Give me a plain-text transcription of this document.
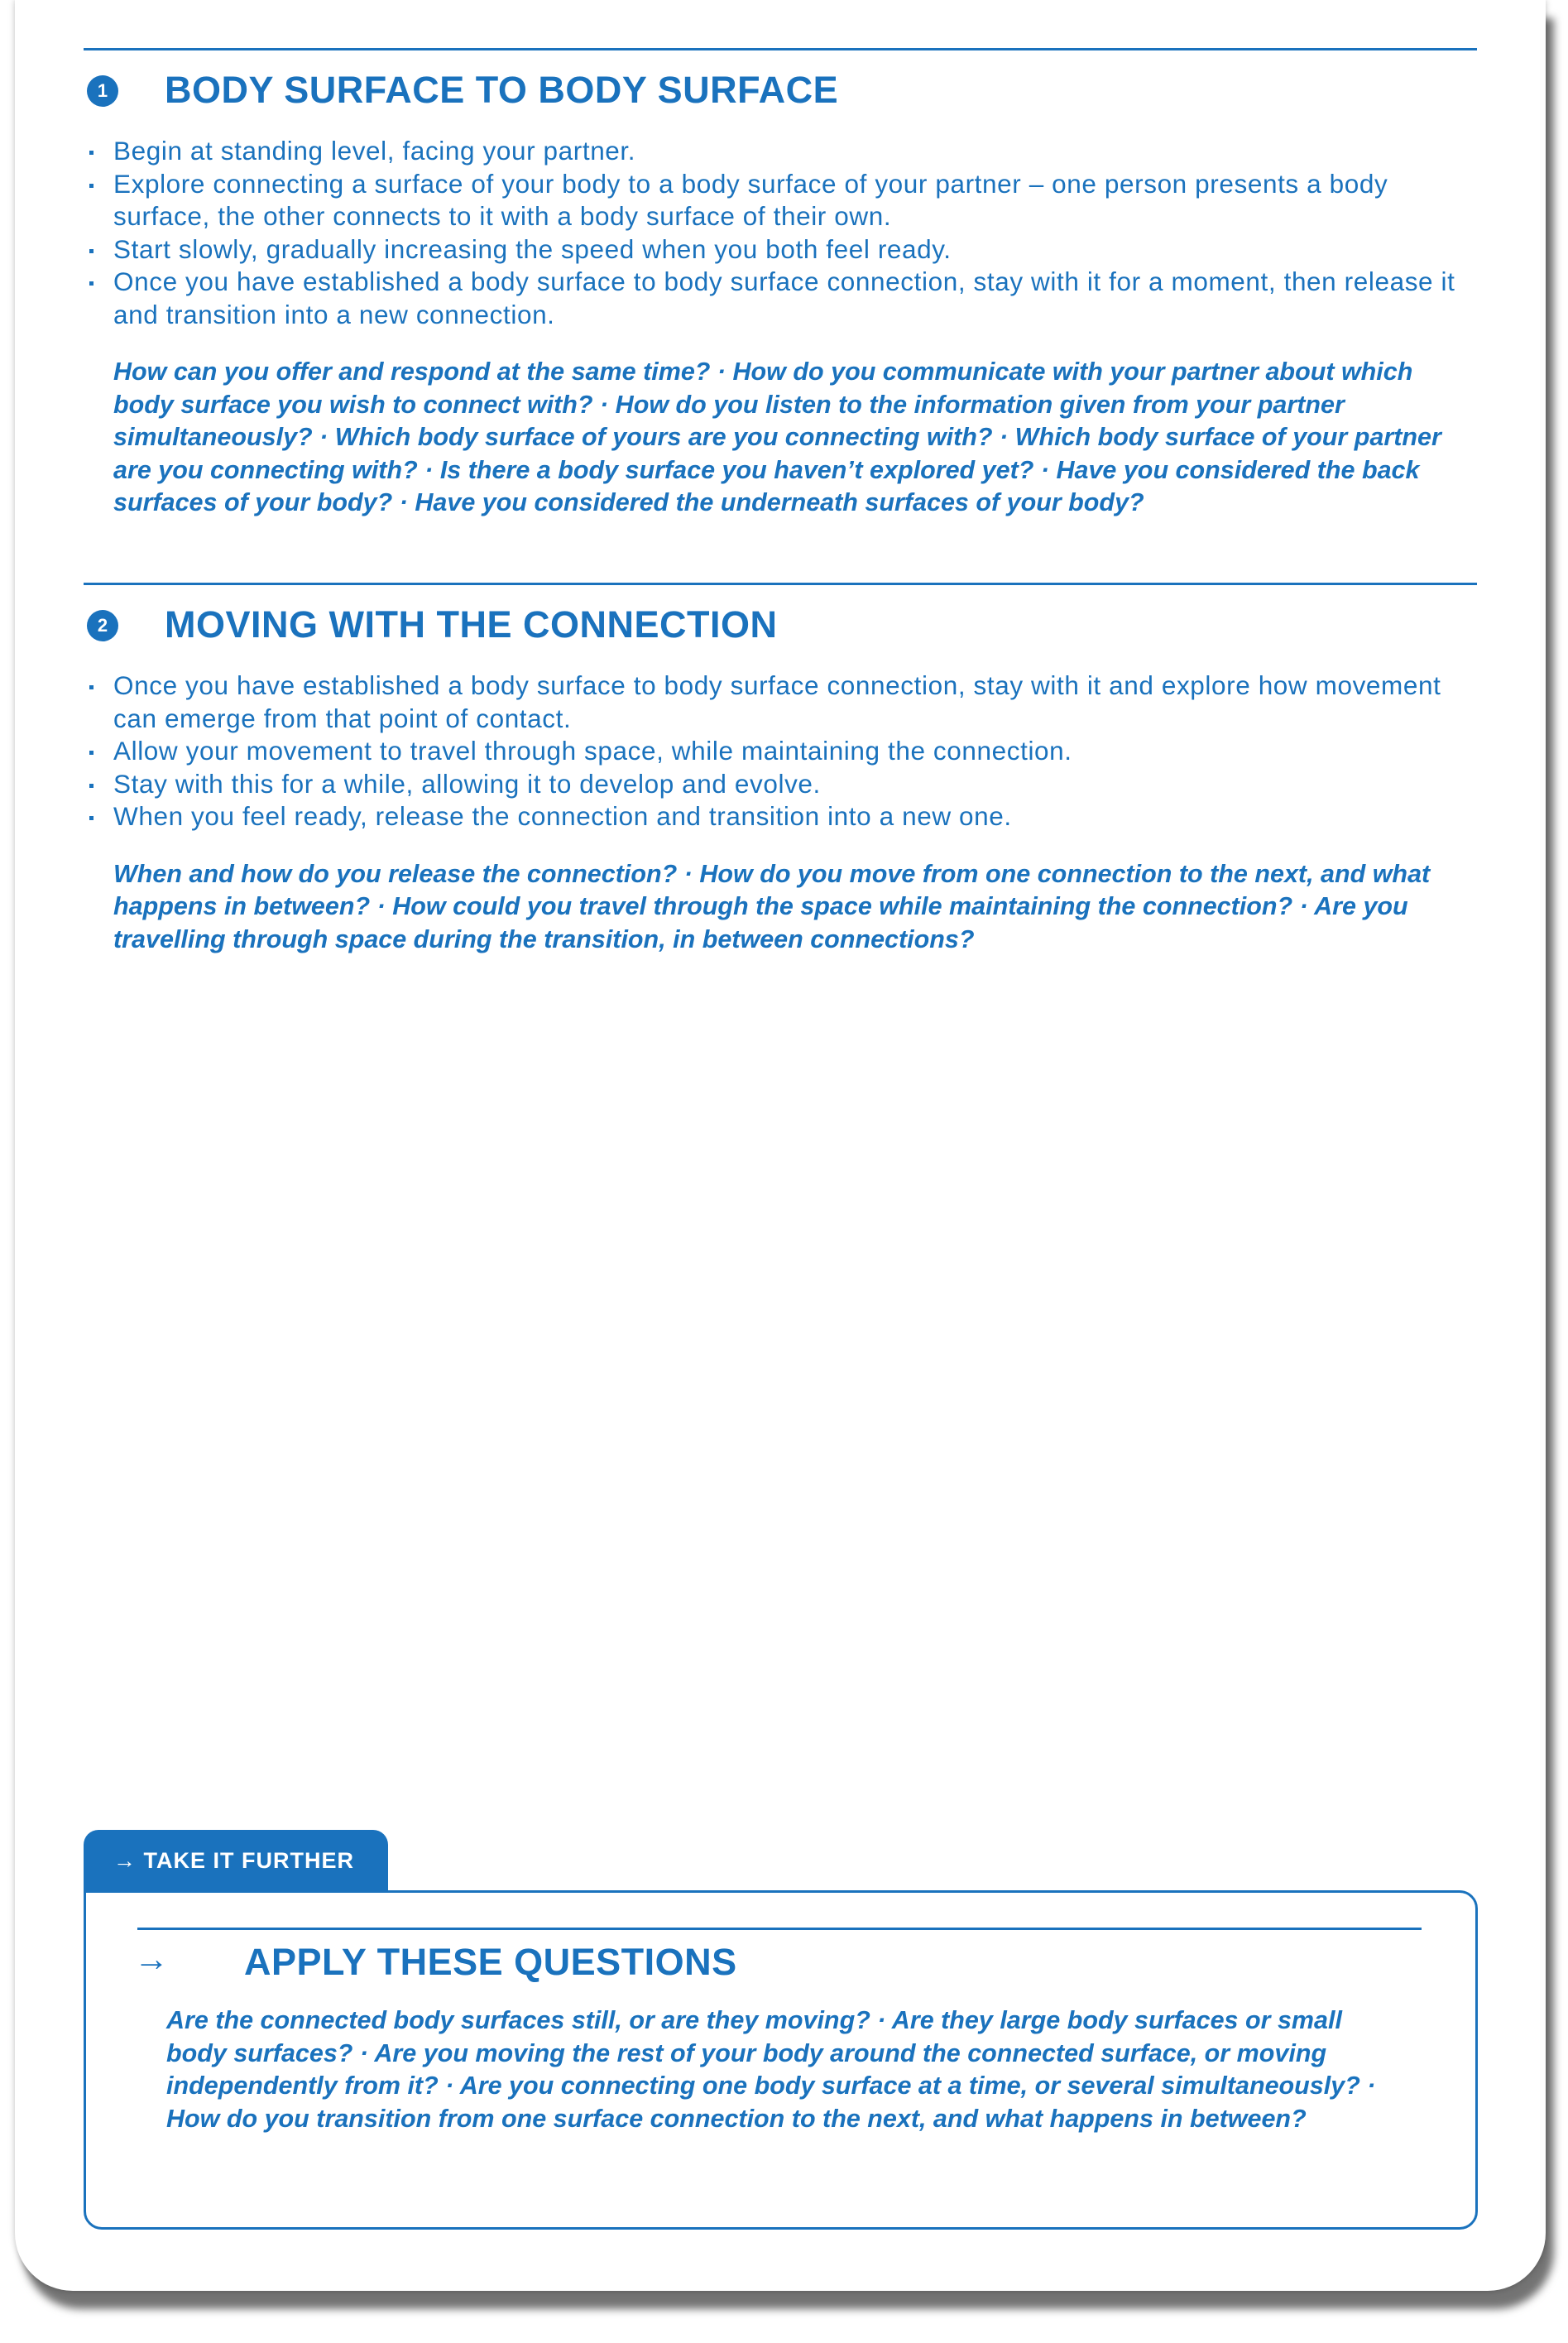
1 BODY SURFACE TO BODY SURFACE
Begin at standing level, facing your partner.
Explore connecting a surface of your body to a body surface of your partner – one person presents a body surface, the other connects to it with a body surface of their own.
Start slowly, gradually increasing the speed when you both feel ready.
Once you have established a body surface to body surface connection, stay with it for a moment, then release it and transition into a new connection.
How can you offer and respond at the same time? · How do you communicate with your partner about which body surface you wish to connect with? · How do you listen to the information given from your partner simultaneously? · Which body surface of yours are you connecting with? · Which body surface of your partner are you connecting with? · Is there a body surface you haven’t explored yet? · Have you considered the back surfaces of your body? · Have you considered the underneath surfaces of your body?
2 MOVING WITH THE CONNECTION
Once you have established a body surface to body surface connection, stay with it and explore how movement can emerge from that point of contact.
Allow your movement to travel through space, while maintaining the connection.
Stay with this for a while, allowing it to develop and evolve.
When you feel ready, release the connection and transition into a new one.
When and how do you release the connection? · How do you move from one connection to the next, and what happens in between? · How could you travel through the space while maintaining the connection? · Are you travelling through space during the transition, in between connections?
→ TAKE IT FURTHER
→ APPLY THESE QUESTIONS
Are the connected body surfaces still, or are they moving? · Are they large body surfaces or small body surfaces? · Are you moving the rest of your body around the connected surface, or moving independently from it? · Are you connecting one body surface at a time, or several simultaneously? · How do you transition from one surface connection to the next, and what happens in between?
